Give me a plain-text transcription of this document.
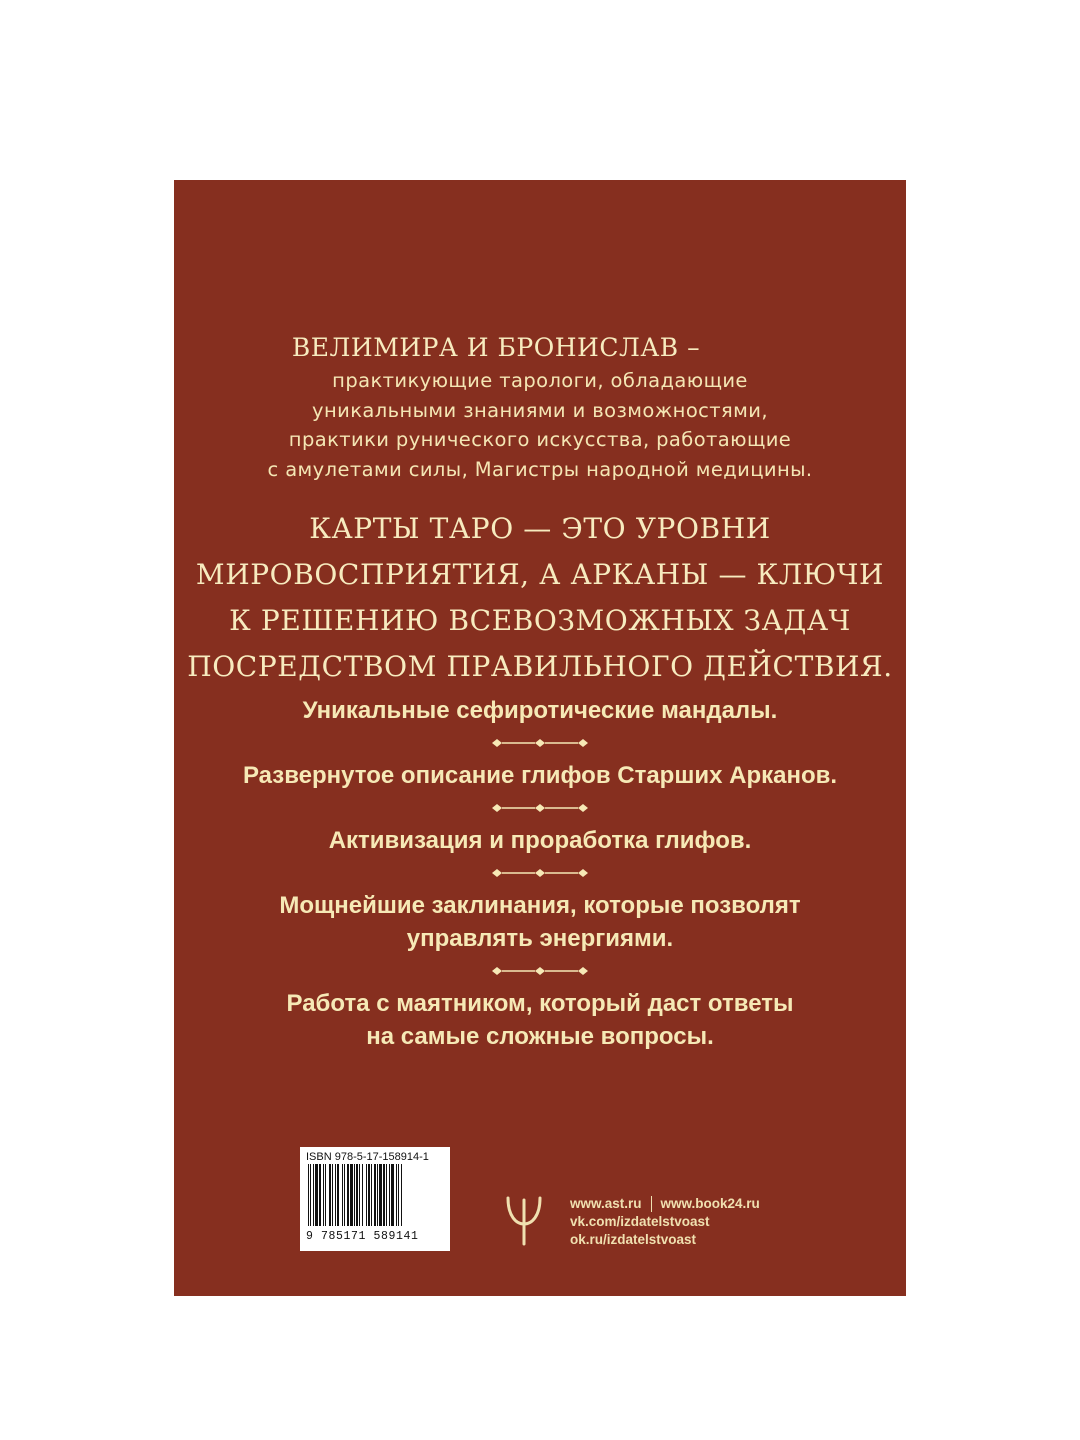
ВЕЛИМИРА И БРОНИСЛАВ –
практикующие тарологи, обладающие
уникальными знаниями и возможностями,
практики рунического искусства, работающие
с амулетами силы, Магистры народной медицины.
КАРТЫ ТАРО — ЭТО УРОВНИ
МИРОВОСПРИЯТИЯ, А АРКАНЫ — КЛЮЧИ
К РЕШЕНИЮ ВСЕВОЗМОЖНЫХ ЗАДАЧ
ПОСРЕДСТВОМ ПРАВИЛЬНОГО ДЕЙСТВИЯ.
Уникальные сефиротические мандалы.
Развернутое описание глифов Старших Арканов.
Активизация и проработка глифов.
Мощнейшие заклинания, которые позволят
управлять энергиями.
Работа с маятником, который даст ответы
на самые сложные вопросы.
ISBN 978-5-17-158914-1
9 785171 589141
www.ast.ru www.book24.ru
vk.com/izdatelstvoast
ok.ru/izdatelstvoast
